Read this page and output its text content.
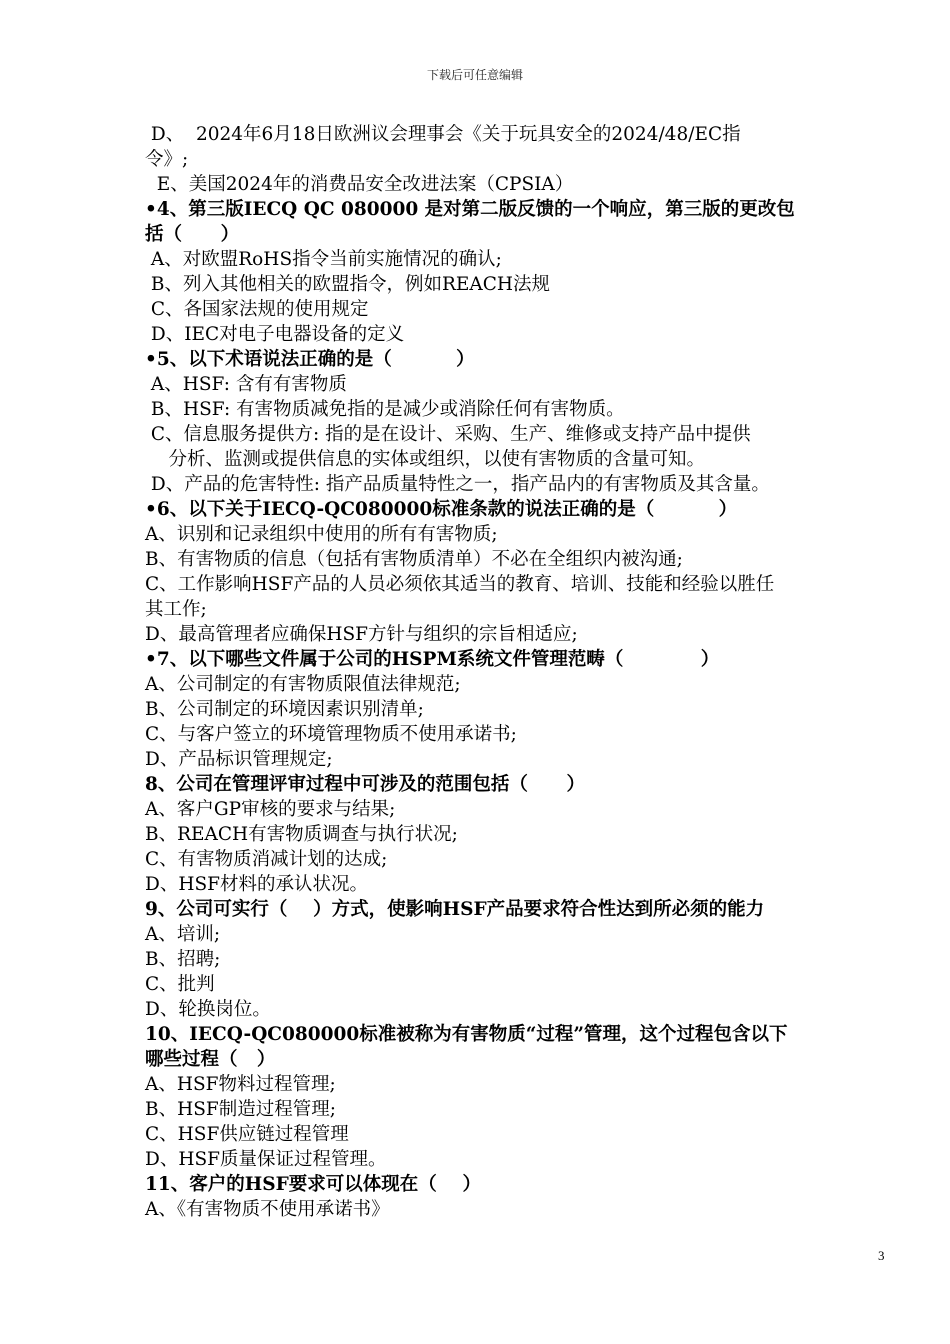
下载后可任意编辑
D、  2024年6月18日欧洲议会理事会《关于玩具安全的2024/48/EC指
令》;
E、美国2024年的消费品安全改进法案（CPSIA）
•4、第三版IECQ QC 080000 是对第二版反馈的一个响应，第三版的更改包
括（      ）
A、对欧盟RoHS指令当前实施情况的确认;
B、列入其他相关的欧盟指令，例如REACH法规
C、各国家法规的使用规定
D、IEC对电子电器设备的定义
•5、以下术语说法正确的是（          ）
A、HSF: 含有有害物质
B、HSF: 有害物质减免指的是减少或消除任何有害物质。
C、信息服务提供方: 指的是在设计、采购、生产、维修或支持产品中提供
分析、监测或提供信息的实体或组织，以使有害物质的含量可知。
D、产品的危害特性: 指产品质量特性之一，指产品内的有害物质及其含量。
•6、以下关于IECQ-QC080000标准条款的说法正确的是（          ）
A、识别和记录组织中使用的所有有害物质;
B、有害物质的信息（包括有害物质清单）不必在全组织内被沟通;
C、工作影响HSF产品的人员必须依其适当的教育、培训、技能和经验以胜任
其工作;
D、最高管理者应确保HSF方针与组织的宗旨相适应;
•7、以下哪些文件属于公司的HSPM系统文件管理范畴（            ）
A、公司制定的有害物质限值法律规范;
B、公司制定的环境因素识别清单;
C、与客户签立的环境管理物质不使用承诺书;
D、产品标识管理规定;
8、公司在管理评审过程中可涉及的范围包括（      ）
A、客户GP审核的要求与结果;
B、REACH有害物质调查与执行状况;
C、有害物质消减计划的达成;
D、HSF材料的承认状况。
9、公司可实行（    ）方式，使影响HSF产品要求符合性达到所必须的能力
A、培训;
B、招聘;
C、批判
D、轮换岗位。
10、IECQ-QC080000标准被称为有害物质“过程”管理，这个过程包含以下
哪些过程（   ）
A、HSF物料过程管理;
B、HSF制造过程管理;
C、HSF供应链过程管理
D、HSF质量保证过程管理。
11、客户的HSF要求可以体现在（    ）
A、《有害物质不使用承诺书》
3
